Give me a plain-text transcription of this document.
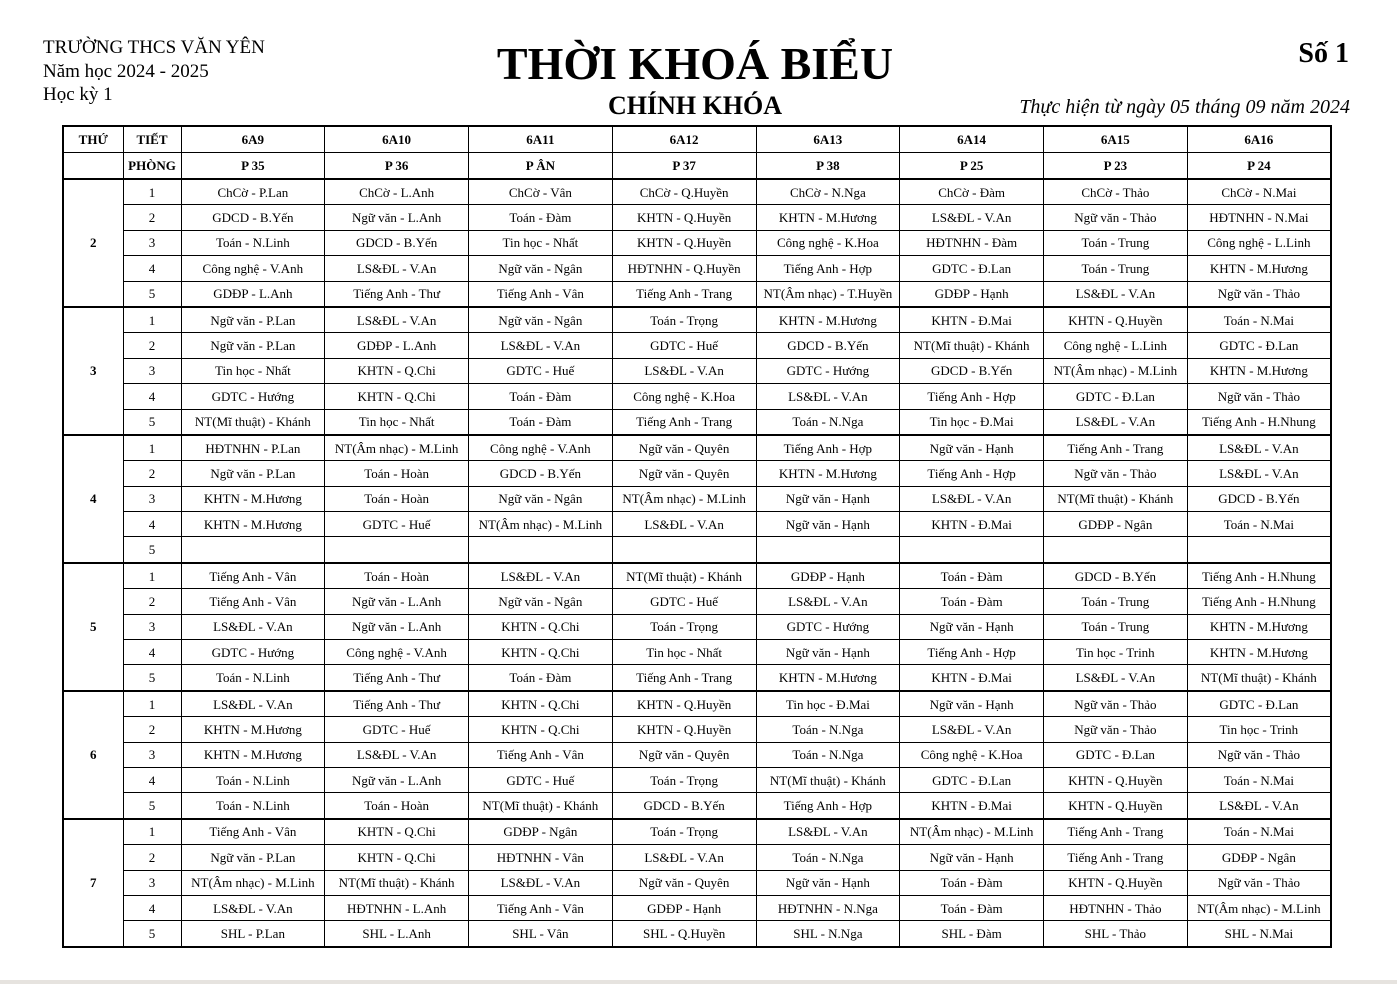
TRƯỜNG THCS VĂN YÊN
Năm học 2024 - 2025
Học kỳ 1
THỜI KHOÁ BIỂU
CHÍNH KHÓA
Số 1
Thực hiện từ ngày 05 tháng 09 năm 2024
THỨ	TIẾT	6A9	6A10	6A11	6A12	6A13	6A14	6A15	6A16
	PHÒNG	P 35	P 36	P ÂN	P 37	P 38	P 25	P 23	P 24
2	1	ChCờ - P.Lan	ChCờ - L.Anh	ChCờ - Vân	ChCờ - Q.Huyền	ChCờ - N.Nga	ChCờ - Đàm	ChCờ - Thảo	ChCờ - N.Mai
	2	GDCD - B.Yến	Ngữ văn - L.Anh	Toán - Đàm	KHTN - Q.Huyền	KHTN - M.Hương	LS&ĐL - V.An	Ngữ văn - Thảo	HĐTNHN - N.Mai
	3	Toán - N.Linh	GDCD - B.Yến	Tin học - Nhất	KHTN - Q.Huyền	Công nghệ - K.Hoa	HĐTNHN - Đàm	Toán - Trung	Công nghệ - L.Linh
	4	Công nghệ - V.Anh	LS&ĐL - V.An	Ngữ văn - Ngân	HĐTNHN - Q.Huyền	Tiếng Anh - Hợp	GDTC - Đ.Lan	Toán - Trung	KHTN - M.Hương
	5	GDĐP - L.Anh	Tiếng Anh - Thư	Tiếng Anh - Vân	Tiếng Anh - Trang	NT(Âm nhạc) - T.Huyền	GDĐP - Hạnh	LS&ĐL - V.An	Ngữ văn - Thảo
3	1	Ngữ văn - P.Lan	LS&ĐL - V.An	Ngữ văn - Ngân	Toán - Trọng	KHTN - M.Hương	KHTN - Đ.Mai	KHTN - Q.Huyền	Toán - N.Mai
	2	Ngữ văn - P.Lan	GDĐP - L.Anh	LS&ĐL - V.An	GDTC - Huế	GDCD - B.Yến	NT(Mĩ thuật) - Khánh	Công nghệ - L.Linh	GDTC - Đ.Lan
	3	Tin học - Nhất	KHTN - Q.Chi	GDTC - Huế	LS&ĐL - V.An	GDTC - Hướng	GDCD - B.Yến	NT(Âm nhạc) - M.Linh	KHTN - M.Hương
	4	GDTC - Hướng	KHTN - Q.Chi	Toán - Đàm	Công nghệ - K.Hoa	LS&ĐL - V.An	Tiếng Anh - Hợp	GDTC - Đ.Lan	Ngữ văn - Thảo
	5	NT(Mĩ thuật) - Khánh	Tin học - Nhất	Toán - Đàm	Tiếng Anh - Trang	Toán - N.Nga	Tin học - Đ.Mai	LS&ĐL - V.An	Tiếng Anh - H.Nhung
4	1	HĐTNHN - P.Lan	NT(Âm nhạc) - M.Linh	Công nghệ - V.Anh	Ngữ văn - Quyên	Tiếng Anh - Hợp	Ngữ văn - Hạnh	Tiếng Anh - Trang	LS&ĐL - V.An
	2	Ngữ văn - P.Lan	Toán - Hoàn	GDCD - B.Yến	Ngữ văn - Quyên	KHTN - M.Hương	Tiếng Anh - Hợp	Ngữ văn - Thảo	LS&ĐL - V.An
	3	KHTN - M.Hương	Toán - Hoàn	Ngữ văn - Ngân	NT(Âm nhạc) - M.Linh	Ngữ văn - Hạnh	LS&ĐL - V.An	NT(Mĩ thuật) - Khánh	GDCD - B.Yến
	4	KHTN - M.Hương	GDTC - Huế	NT(Âm nhạc) - M.Linh	LS&ĐL - V.An	Ngữ văn - Hạnh	KHTN - Đ.Mai	GDĐP - Ngân	Toán - N.Mai
	5								
5	1	Tiếng Anh - Vân	Toán - Hoàn	LS&ĐL - V.An	NT(Mĩ thuật) - Khánh	GDĐP - Hạnh	Toán - Đàm	GDCD - B.Yến	Tiếng Anh - H.Nhung
	2	Tiếng Anh - Vân	Ngữ văn - L.Anh	Ngữ văn - Ngân	GDTC - Huế	LS&ĐL - V.An	Toán - Đàm	Toán - Trung	Tiếng Anh - H.Nhung
	3	LS&ĐL - V.An	Ngữ văn - L.Anh	KHTN - Q.Chi	Toán - Trọng	GDTC - Hướng	Ngữ văn - Hạnh	Toán - Trung	KHTN - M.Hương
	4	GDTC - Hướng	Công nghệ - V.Anh	KHTN - Q.Chi	Tin học - Nhất	Ngữ văn - Hạnh	Tiếng Anh - Hợp	Tin học - Trinh	KHTN - M.Hương
	5	Toán - N.Linh	Tiếng Anh - Thư	Toán - Đàm	Tiếng Anh - Trang	KHTN - M.Hương	KHTN - Đ.Mai	LS&ĐL - V.An	NT(Mĩ thuật) - Khánh
6	1	LS&ĐL - V.An	Tiếng Anh - Thư	KHTN - Q.Chi	KHTN - Q.Huyền	Tin học - Đ.Mai	Ngữ văn - Hạnh	Ngữ văn - Thảo	GDTC - Đ.Lan
	2	KHTN - M.Hương	GDTC - Huế	KHTN - Q.Chi	KHTN - Q.Huyền	Toán - N.Nga	LS&ĐL - V.An	Ngữ văn - Thảo	Tin học - Trinh
	3	KHTN - M.Hương	LS&ĐL - V.An	Tiếng Anh - Vân	Ngữ văn - Quyên	Toán - N.Nga	Công nghệ - K.Hoa	GDTC - Đ.Lan	Ngữ văn - Thảo
	4	Toán - N.Linh	Ngữ văn - L.Anh	GDTC - Huế	Toán - Trọng	NT(Mĩ thuật) - Khánh	GDTC - Đ.Lan	KHTN - Q.Huyền	Toán - N.Mai
	5	Toán - N.Linh	Toán - Hoàn	NT(Mĩ thuật) - Khánh	GDCD - B.Yến	Tiếng Anh - Hợp	KHTN - Đ.Mai	KHTN - Q.Huyền	LS&ĐL - V.An
7	1	Tiếng Anh - Vân	KHTN - Q.Chi	GDĐP - Ngân	Toán - Trọng	LS&ĐL - V.An	NT(Âm nhạc) - M.Linh	Tiếng Anh - Trang	Toán - N.Mai
	2	Ngữ văn - P.Lan	KHTN - Q.Chi	HĐTNHN - Vân	LS&ĐL - V.An	Toán - N.Nga	Ngữ văn - Hạnh	Tiếng Anh - Trang	GDĐP - Ngân
	3	NT(Âm nhạc) - M.Linh	NT(Mĩ thuật) - Khánh	LS&ĐL - V.An	Ngữ văn - Quyên	Ngữ văn - Hạnh	Toán - Đàm	KHTN - Q.Huyền	Ngữ văn - Thảo
	4	LS&ĐL - V.An	HĐTNHN - L.Anh	Tiếng Anh - Vân	GDĐP - Hạnh	HĐTNHN - N.Nga	Toán - Đàm	HĐTNHN - Thảo	NT(Âm nhạc) - M.Linh
	5	SHL - P.Lan	SHL - L.Anh	SHL - Vân	SHL - Q.Huyền	SHL - N.Nga	SHL - Đàm	SHL - Thảo	SHL - N.Mai
